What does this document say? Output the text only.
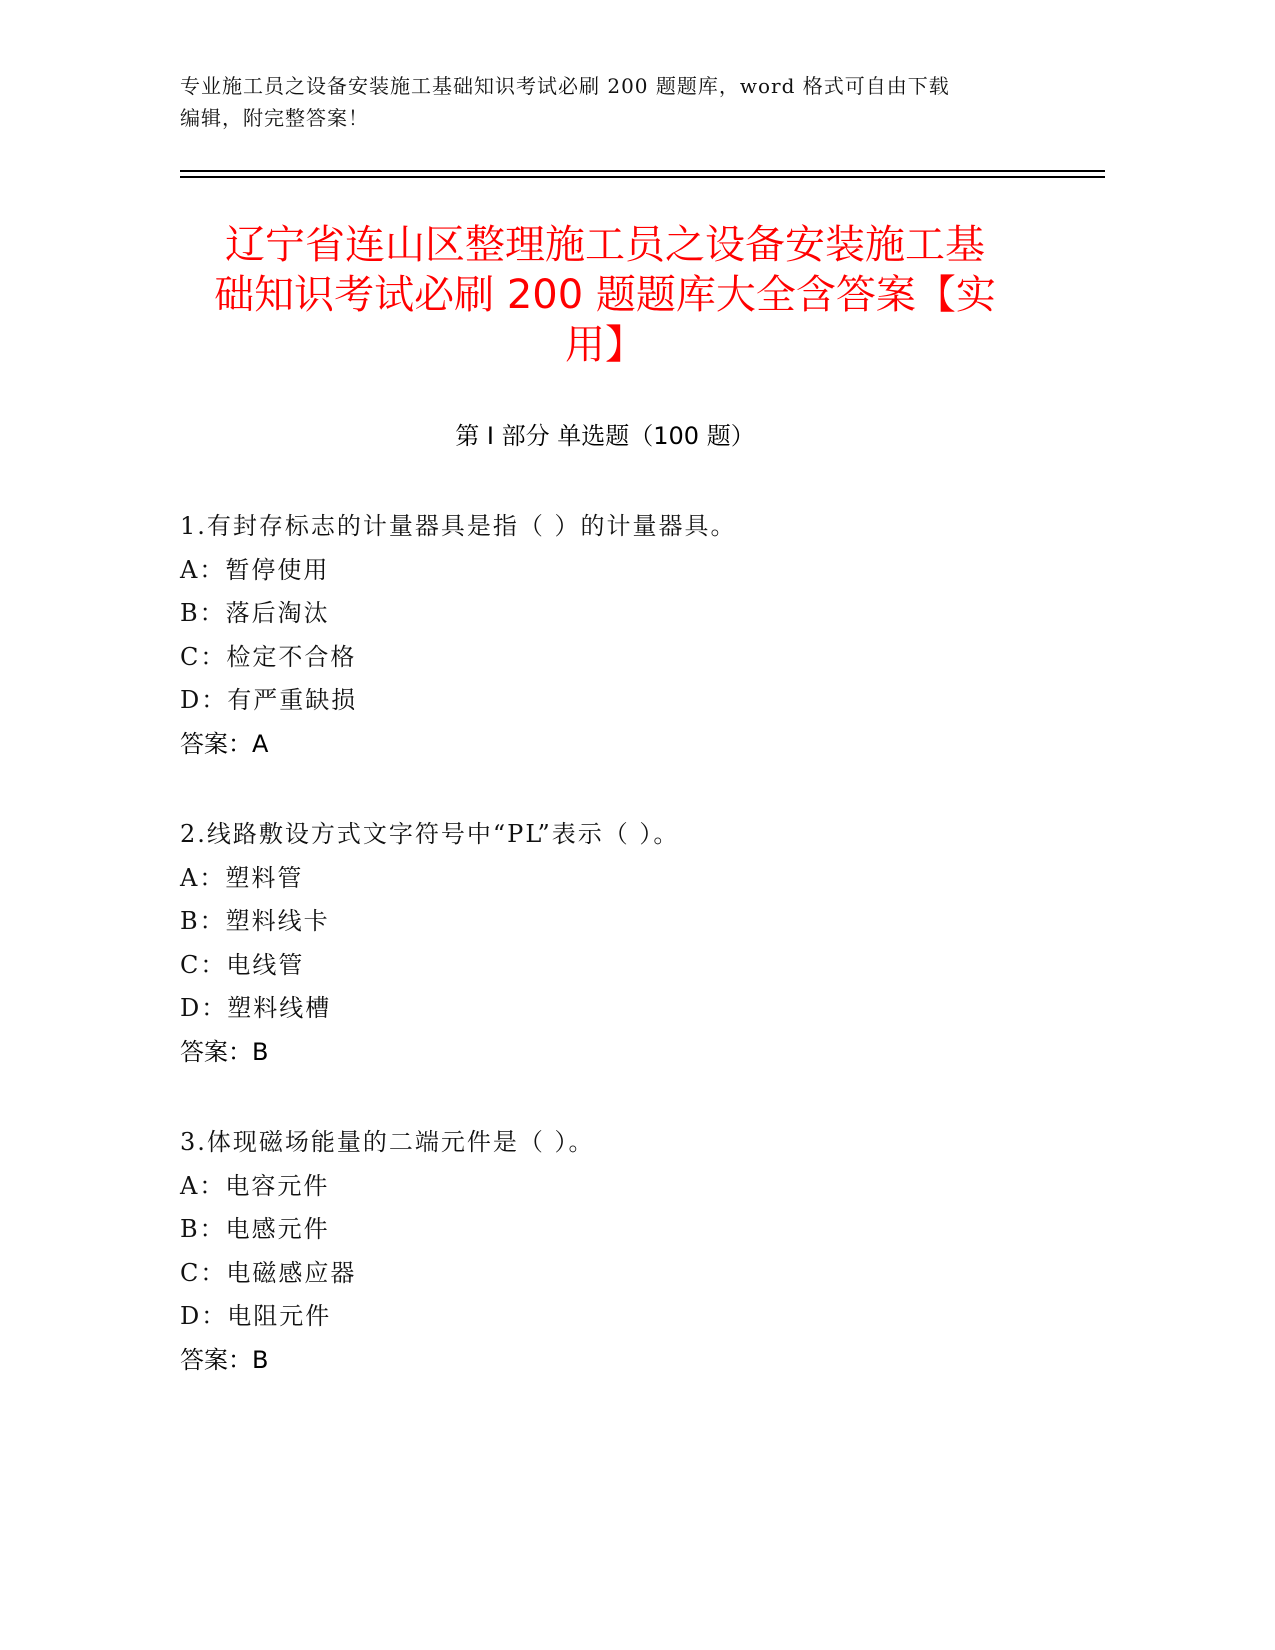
专业施工员之设备安装施工基础知识考试必刷 200 题题库，word 格式可自由下载
编辑，附完整答案！
辽宁省连山区整理施工员之设备安装施工基
础知识考试必刷 200 题题库大全含答案【实
用】
第 I 部分 单选题（100 题）
1.有封存标志的计量器具是指（ ）的计量器具。
A：暂停使用
B：落后淘汰
C：检定不合格
D：有严重缺损
答案：A
2.线路敷设方式文字符号中“PL”表示（ ）。
A：塑料管
B：塑料线卡
C：电线管
D：塑料线槽
答案：B
3.体现磁场能量的二端元件是（ ）。
A：电容元件
B：电感元件
C：电磁感应器
D：电阻元件
答案：B
